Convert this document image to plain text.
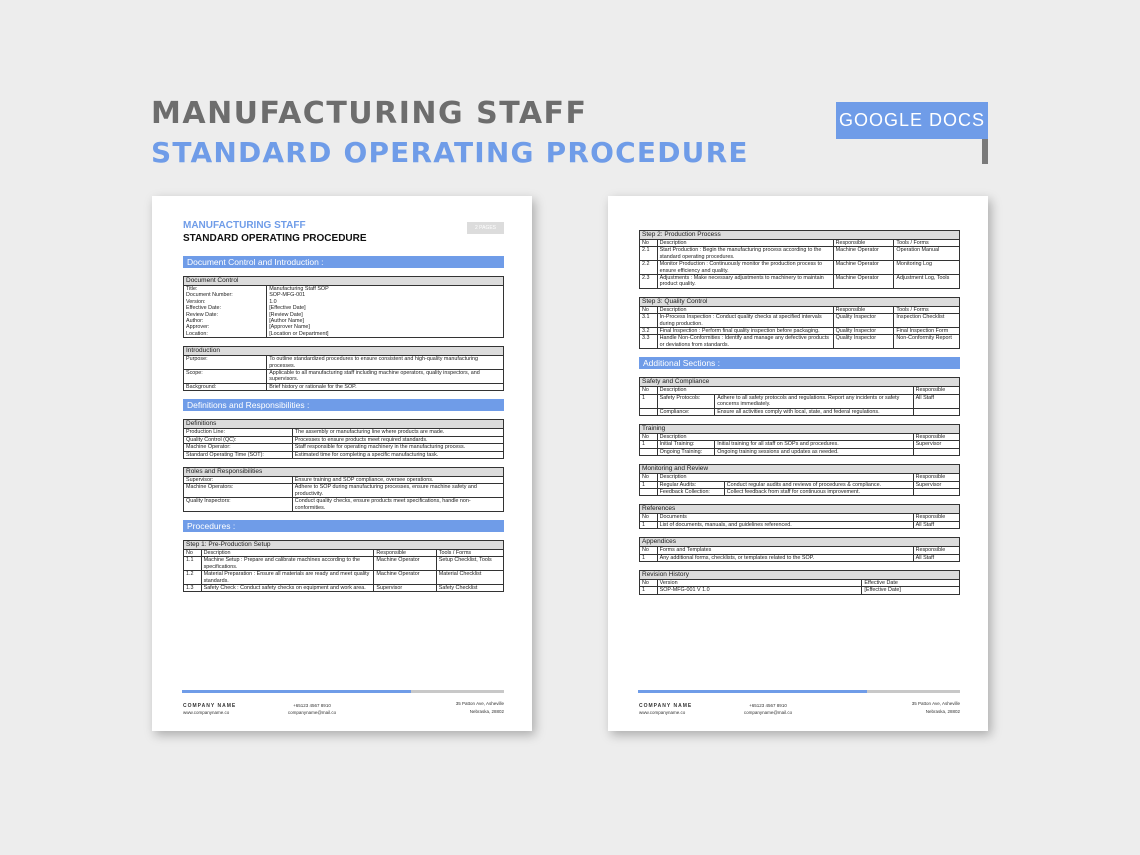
MANUFACTURING STAFF
STANDARD OPERATING PROCEDURE
GOOGLE DOCS
MANUFACTURING STAFF
STANDARD OPERATING PROCEDURE
2 PAGES
Document Control and Introduction :
Document Control	
Title:	Manufacturing Staff SOP
Document Number:	SOP-MFG-001
Version:	1.0
Effective Date:	[Effective Date]
Review Date:	[Review Date]
Author:	[Author Name]
Approver:	[Approver Name]
Location:	[Location or Department]
Introduction	
Purpose:	To outline standardized procedures to ensure consistent and high-quality manufacturing processes.
Scope:	Applicable to all manufacturing staff including machine operators, quality inspectors, and supervisors.
Background:	Brief history or rationale for the SOP.
Definitions and Responsibilities :
Definitions	
Production Line:	The assembly or manufacturing line where products are made.
Quality Control (QC):	Processes to ensure products meet required standards.
Machine Operator:	Staff responsible for operating machinery in the manufacturing process.
Standard Operating Time (SOT):	Estimated time for completing a specific manufacturing task.
Roles and Responsibilities	
Supervisor:	Ensure training and SOP compliance, oversee operations.
Machine Operators:	Adhere to SOP during manufacturing processes, ensure machine safety and productivity.
Quality Inspectors:	Conduct quality checks, ensure products meet specifications, handle non-conformities.
Procedures :
Step 1: Pre-Production Setup			
No	Description	Responsible	Tools / Forms
1.1	Machine Setup : Prepare and calibrate machines according to the specifications.	Machine Operator	Setup Checklist, Tools
1.2	Material Preparation : Ensure all materials are ready and meet quality standards.	Machine Operator	Material Checklist
1.3	Safety Check : Conduct safety checks on equipment and work area.	Supervisor	Safety Checklist
COMPANY NAME
www.companyname.co
+65123 4567 8910
companyname@mail.co
35 Patton Ave, Asheville
Nebraska, 28802
Step 2: Production Process			
No	Description	Responsible	Tools / Forms
2.1	Start Production : Begin the manufacturing process according to the standard operating procedures.	Machine Operator	Operation Manual
2.2	Monitor Production : Continuously monitor the production process to ensure efficiency and quality.	Machine Operator	Monitoring Log
2.3	Adjustments : Make necessary adjustments to machinery to maintain product quality.	Machine Operator	Adjustment Log, Tools
Step 3: Quality Control			
No	Description	Responsible	Tools / Forms
3.1	In-Process Inspection : Conduct quality checks at specified intervals during production.	Quality Inspector	Inspection Checklist
3.2	Final Inspection : Perform final quality inspection before packaging.	Quality Inspector	Final Inspection Form
3.3	Handle Non-Conformities : Identify and manage any defective products or deviations from standards.	Quality Inspector	Non-Conformity Report
Additional Sections :
Safety and Compliance			
No	Description		Responsible
1	Safety Protocols:	Adhere to all safety protocols and regulations. Report any incidents or safety concerns immediately.	All Staff
	Compliance:	Ensure all activities comply with local, state, and federal regulations.	
Training			
No	Description		Responsible
1	Initial Training:	Initial training for all staff on SOPs and procedures.	Supervisor
	Ongoing Training:	Ongoing training sessions and updates as needed.	
Monitoring and Review			
No	Description		Responsible
1	Regular Audits:	Conduct regular audits and reviews of procedures & compliance.	Supervisor
	Feedback Collection:	Collect feedback from staff for continuous improvement.	
References		
No	Documents	Responsible
1	List of documents, manuals, and guidelines referenced.	All Staff
Appendices		
No	Forms and Templates	Responsible
1	Any additional forms, checklists, or templates related to the SOP.	All Staff
Revision History		
No	Version	Effective Date
1	SOP-MFG-001 V 1.0	[Effective Date]
COMPANY NAME
www.companyname.co
+65123 4567 8910
companyname@mail.co
35 Patton Ave, Asheville
Nebraska, 28802
